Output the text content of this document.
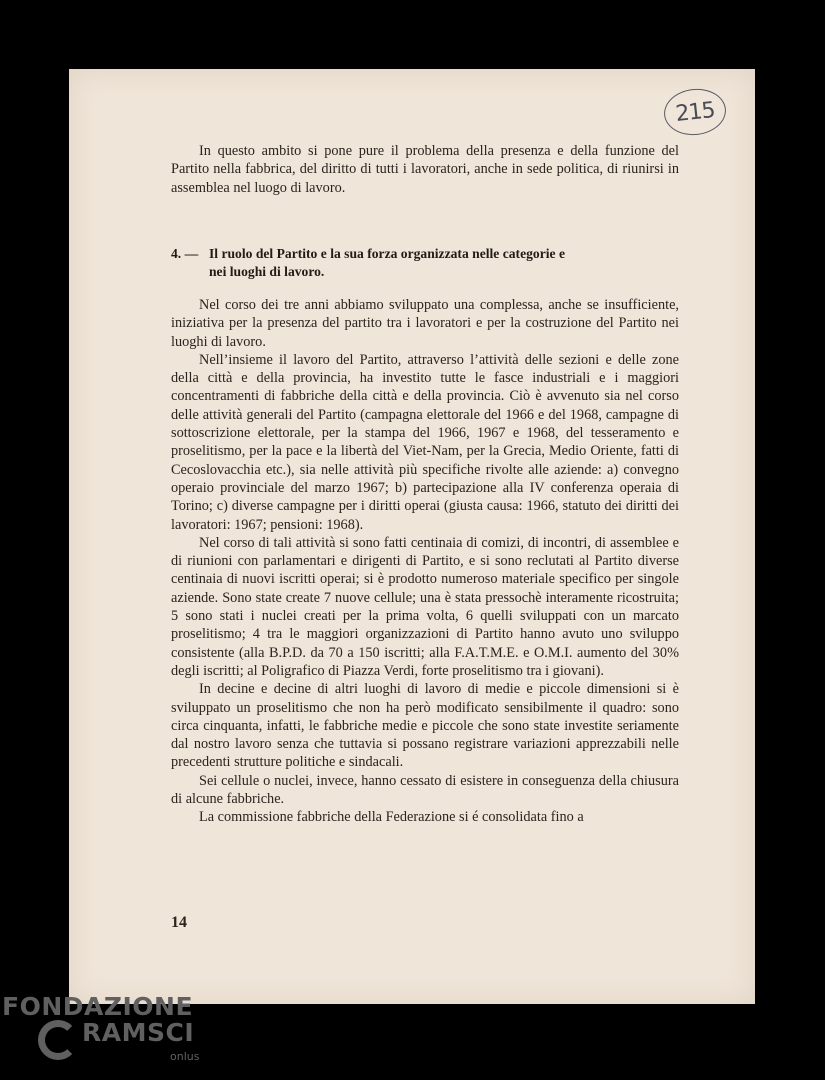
215

In questo ambito si pone pure il problema della presenza e della funzione del Partito nella fabbrica, del diritto di tutti i lavoratori, anche in sede politica, di riunirsi in assemblea nel luogo di lavoro.

4. — Il ruolo del Partito e la sua forza organizzata nelle categorie e
nei luoghi di lavoro.

Nel corso dei tre anni abbiamo sviluppato una complessa, anche se insufficiente, iniziativa per la presenza del partito tra i lavoratori e per la costruzione del Partito nei luoghi di lavoro.

Nell’insieme il lavoro del Partito, attraverso l’attività delle sezioni e delle zone della città e della provincia, ha investito tutte le fasce industriali e i maggiori concentramenti di fabbriche della città e della provincia. Ciò è avvenuto sia nel corso delle attività generali del Partito (campagna elettorale del 1966 e del 1968, campagne di sottoscrizione elettorale, per la stampa del 1966, 1967 e 1968, del tesseramento e proselitismo, per la pace e la libertà del Viet-Nam, per la Grecia, Medio Oriente, fatti di Cecoslovacchia etc.), sia nelle attività più specifiche rivolte alle aziende: a) convegno operaio provinciale del marzo 1967; b) partecipazione alla IV conferenza operaia di Torino; c) diverse campagne per i diritti operai (giusta causa: 1966, statuto dei diritti dei lavoratori: 1967; pensioni: 1968).

Nel corso di tali attività si sono fatti centinaia di comizi, di incontri, di assemblee e di riunioni con parlamentari e dirigenti di Partito, e si sono reclutati al Partito diverse centinaia di nuovi iscritti operai; si è prodotto numeroso materiale specifico per singole aziende. Sono state create 7 nuove cellule; una è stata pressochè interamente ricostruita; 5 sono stati i nuclei creati per la prima volta, 6 quelli sviluppati con un marcato proselitismo; 4 tra le maggiori organizzazioni di Partito hanno avuto uno sviluppo consistente (alla B.P.D. da 70 a 150 iscritti; alla F.A.T.M.E. e O.M.I. aumento del 30% degli iscritti; al Poligrafico di Piazza Verdi, forte proselitismo tra i giovani).

In decine e decine di altri luoghi di lavoro di medie e piccole dimensioni si è sviluppato un proselitismo che non ha però modificato sensibilmente il quadro: sono circa cinquanta, infatti, le fabbriche medie e piccole che sono state investite seriamente dal nostro lavoro senza che tuttavia si possano registrare variazioni apprezzabili nelle precedenti strutture politiche e sindacali.

Sei cellule o nuclei, invece, hanno cessato di esistere in conseguenza della chiusura di alcune fabbriche.

La commissione fabbriche della Federazione si é consolidata fino a

14
FONDAZIONE
RAMSCI
onlus
